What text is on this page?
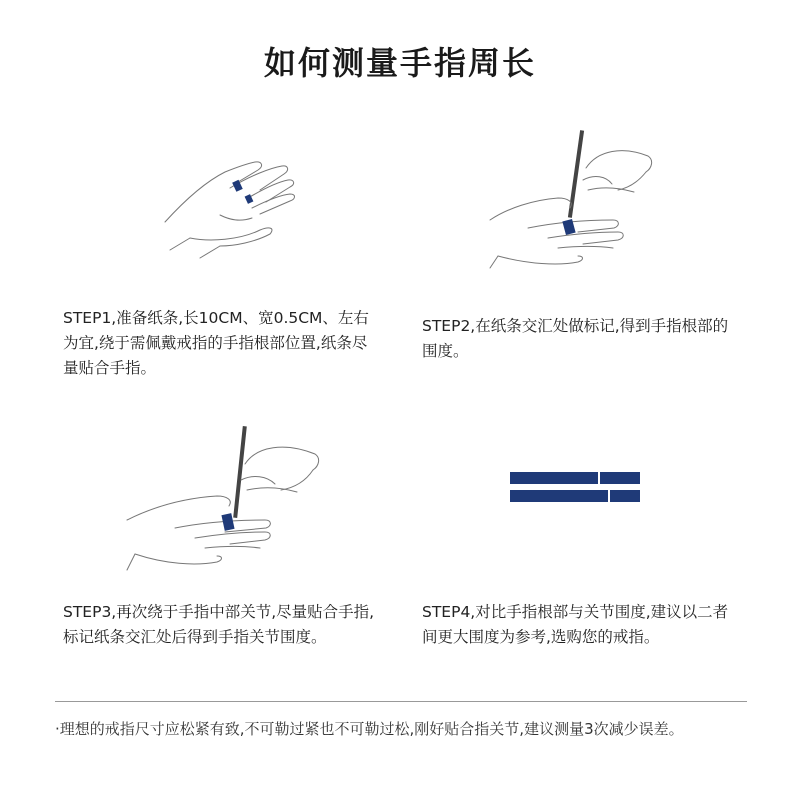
如何测量手指周长
STEP1,准备纸条,长10CM、宽0.5CM、左右为宜,绕于需佩戴戒指的手指根部位置,纸条尽量贴合手指。
STEP2,在纸条交汇处做标记,得到手指根部的围度。
STEP3,再次绕于手指中部关节,尽量贴合手指,标记纸条交汇处后得到手指关节围度。
STEP4,对比手指根部与关节围度,建议以二者间更大围度为参考,选购您的戒指。
·理想的戒指尺寸应松紧有致,不可勒过紧也不可勒过松,刚好贴合指关节,建议测量3次减少误差。
